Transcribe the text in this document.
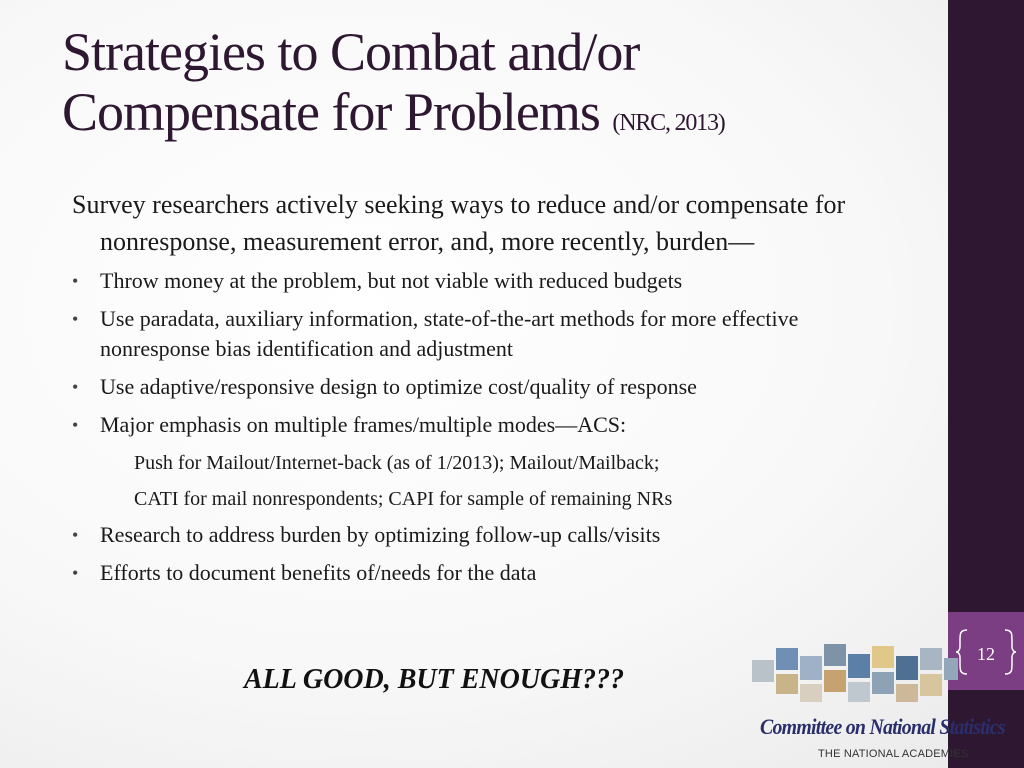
12
Strategies to Combat and/or
Compensate for Problems (NRC, 2013)

Survey researchers actively seeking ways to reduce and/or compensate for nonresponse, measurement error, and, more recently, burden—

• Throw money at the problem, but not viable with reduced budgets
• Use paradata, auxiliary information, state-of-the-art methods for more effective nonresponse bias identification and adjustment
• Use adaptive/responsive design to optimize cost/quality of response
• Major emphasis on multiple frames/multiple modes—ACS:
Push for Mailout/Internet-back (as of 1/2013); Mailout/Mailback;
CATI for mail nonrespondents; CAPI for sample of remaining NRs
• Research to address burden by optimizing follow-up calls/visits
• Efforts to document benefits of/needs for the data
ALL GOOD, BUT ENOUGH???
Committee on National Statistics
THE NATIONAL ACADEMIES
